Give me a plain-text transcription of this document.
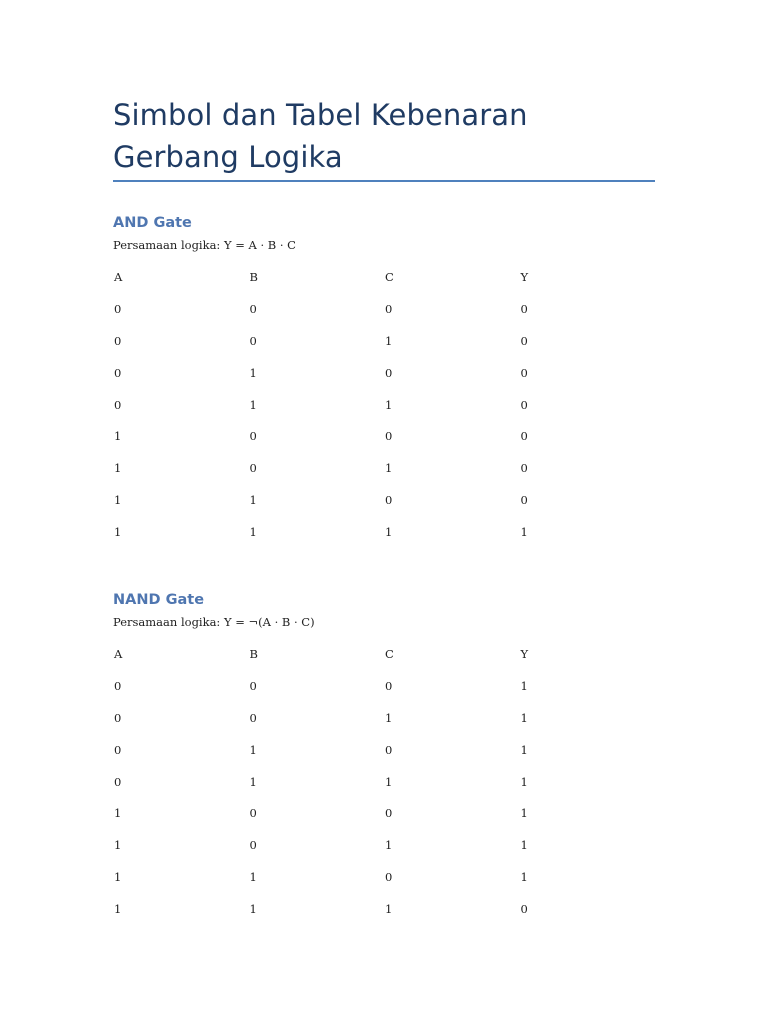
Simbol dan Tabel Kebenaran Gerbang Logika
AND Gate

Persamaan logika: Y = A · B · C

A	B	C	Y
0	0	0	0
0	0	1	0
0	1	0	0
0	1	1	0
1	0	0	0
1	0	1	0
1	1	0	0
1	1	1	1
NAND Gate

Persamaan logika: Y = ¬(A · B · C)

A	B	C	Y
0	0	0	1
0	0	1	1
0	1	0	1
0	1	1	1
1	0	0	1
1	0	1	1
1	1	0	1
1	1	1	0
